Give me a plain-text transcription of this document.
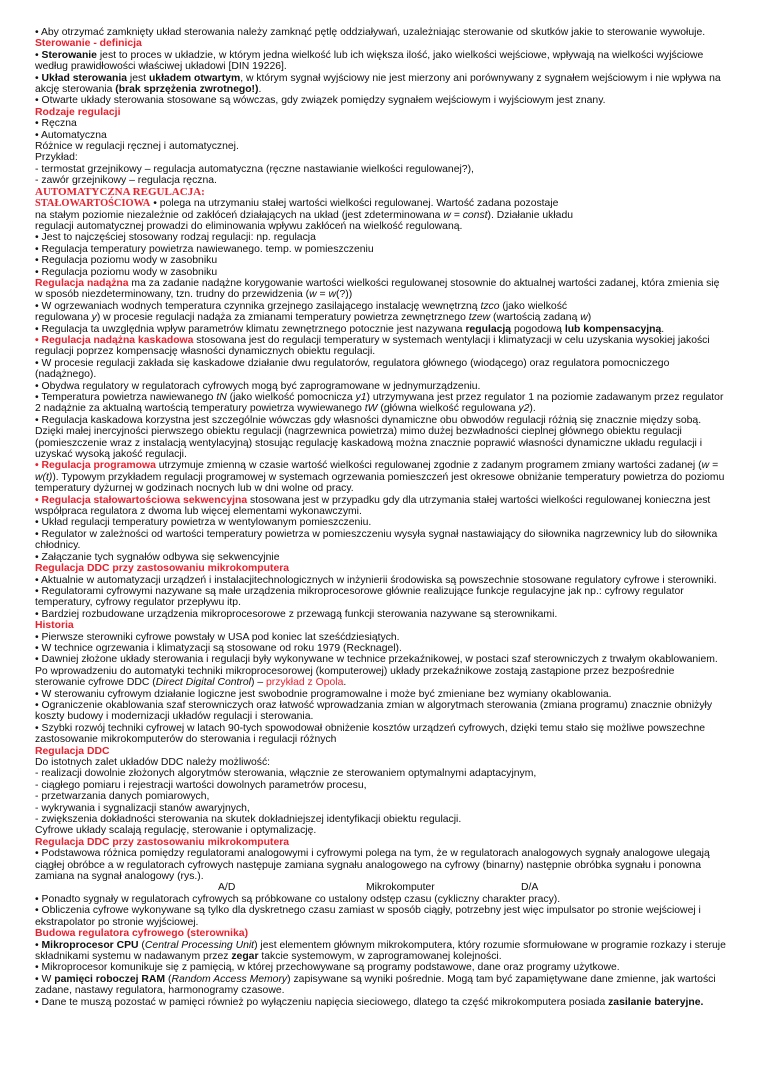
• Aby otrzymać zamknięty układ sterowania należy zamknąć pętlę oddziaływań, uzależniając sterowanie od skutków jakie to sterowanie wywołuje.

Sterowanie - definicja

• Sterowanie jest to proces w układzie, w którym jedna wielkość lub ich większa ilość, jako wielkości wejściowe, wpływają na wielkości wyjściowe według prawidłowości właściwej układowi [DIN 19226].

• Układ sterowania jest układem otwartym, w którym sygnał wyjściowy nie jest mierzony ani porównywany z sygnałem wejściowym i nie wpływa na akcję sterowania (brak sprzężenia zwrotnego!).

• Otwarte układy sterowania stosowane są wówczas, gdy związek pomiędzy sygnałem wejściowym i wyjściowym jest znany.

Rodzaje regulacji

• Ręczna

• Automatyczna

Różnice w regulacji ręcznej i automatycznej.

Przykład:

- termostat grzejnikowy – regulacja automatyczna (ręczne nastawianie wielkości regulowanej?),

- zawór grzejnikowy – regulacja ręczna.

AUTOMATYCZNA REGULACJA:

STAŁOWARTOŚCIOWA • polega na utrzymaniu stałej wartości wielkości regulowanej. Wartość zadana pozostaje

na stałym poziomie niezależnie od zakłóceń działających na układ (jest zdeterminowana w = const). Działanie układu

regulacji automatycznej prowadzi do eliminowania wpływu zakłóceń na wielkość regulowaną.

• Jest to najczęściej stosowany rodzaj regulacji: np. regulacja

• Regulacja temperatury powietrza nawiewanego. temp. w pomieszczeniu

• Regulacja poziomu wody w zasobniku

• Regulacja poziomu wody w zasobniku

Regulacja nadążna ma za zadanie nadążne korygowanie wartości wielkości regulowanej stosownie do aktualnej wartości zadanej, która zmienia się w sposób niezdeterminowany, tzn. trudny do przewidzenia (w = w(?))

• W ogrzewaniach wodnych temperatura czynnika grzejnego zasilającego instalację wewnętrzną tzco (jako wielkość

regulowana y) w procesie regulacji nadąża za zmianami temperatury powietrza zewnętrznego tzew (wartością zadaną w)

• Regulacja ta uwzględnia wpływ parametrów klimatu zewnętrznego potocznie jest nazywana regulacją pogodową lub kompensacyjną.

• Regulacja nadążna kaskadowa stosowana jest do regulacji temperatury w systemach wentylacji i klimatyzacji w celu uzyskania wysokiej jakości regulacji poprzez kompensację własności dynamicznych obiektu regulacji.

• W procesie regulacji zakłada się kaskadowe działanie dwu regulatorów, regulatora głównego (wiodącego) oraz regulatora pomocniczego (nadążnego).

• Obydwa regulatory w regulatorach cyfrowych mogą być zaprogramowane w jednymurządzeniu.

• Temperatura powietrza nawiewanego tN (jako wielkość pomocnicza y1) utrzymywana jest przez regulator 1 na poziomie zadawanym przez regulator 2 nadążnie za aktualną wartością temperatury powietrza wywiewanego tW (główna wielkość regulowana y2).

• Regulacja kaskadowa korzystna jest szczególnie wówczas gdy własności dynamiczne obu obwodów regulacji różnią się znacznie między sobą. Dzięki małej inercyjności pierwszego obiektu regulacji (nagrzewnica powietrza) mimo dużej bezwładności cieplnej głównego obiektu regulacji (pomieszczenie wraz z instalacją wentylacyjną) stosując regulację kaskadową można znacznie poprawić własności dynamiczne układu regulacji i uzyskać wysoką jakość regulacji.

• Regulacja programowa utrzymuje zmienną w czasie wartość wielkości regulowanej zgodnie z zadanym programem zmiany wartości zadanej (w = w(t)). Typowym przykładem regulacji programowej w systemach ogrzewania pomieszczeń jest okresowe obniżanie temperatury powietrza do poziomu temperatury dyżurnej w godzinach nocnych lub w dni wolne od pracy.

• Regulacja stałowartościowa sekwencyjna stosowana jest w przypadku gdy dla utrzymania stałej wartości wielkości regulowanej konieczna jest współpraca regulatora z dwoma lub więcej elementami wykonawczymi.

• Układ regulacji temperatury powietrza w wentylowanym pomieszczeniu.

• Regulator w zależności od wartości temperatury powietrza w pomieszczeniu wysyła sygnał nastawiający do siłownika nagrzewnicy lub do siłownika chłodnicy.

• Załączanie tych sygnałów odbywa się sekwencyjnie

Regulacja DDC przy zastosowaniu mikrokomputera

• Aktualnie w automatyzacji urządzeń i instalacjitechnologicznych w inżynierii środowiska są powszechnie stosowane regulatory cyfrowe i sterowniki.

• Regulatorami cyfrowymi nazywane są małe urządzenia mikroprocesorowe głównie realizujące funkcje regulacyjne jak np.: cyfrowy regulator temperatury, cyfrowy regulator przepływu itp.

• Bardziej rozbudowane urządzenia mikroprocesorowe z przewagą funkcji sterowania nazywane są sterownikami.

Historia

• Pierwsze sterowniki cyfrowe powstały w USA pod koniec lat sześćdziesiątych.

• W technice ogrzewania i klimatyzacji są stosowane od roku 1979 (Recknagel).

• Dawniej złożone układy sterowania i regulacji były wykonywane w technice przekaźnikowej, w postaci szaf sterowniczych z trwałym okablowaniem. Po wprowadzeniu do automatyki techniki mikroprocesorowej (komputerowej) układy przekaźnikowe zostają zastąpione przez bezpośrednie sterowanie cyfrowe DDC (Direct Digital Control) – przykład z Opola.

• W sterowaniu cyfrowym działanie logiczne jest swobodnie programowalne i może być zmieniane bez wymiany okablowania.

• Ograniczenie okablowania szaf sterowniczych oraz łatwość wprowadzania zmian w algorytmach sterowania (zmiana programu) znacznie obniżyły koszty budowy i modernizacji układów regulacji i sterowania.

• Szybki rozwój techniki cyfrowej w latach 90-tych spowodował obniżenie kosztów urządzeń cyfrowych, dzięki temu stało się możliwe powszechne zastosowanie mikrokomputerów do sterowania i regulacji różnych

Regulacja DDC

Do istotnych zalet układów DDC należy możliwość:

- realizacji dowolnie złożonych algorytmów sterowania, włącznie ze sterowaniem optymalnymi adaptacyjnym,

- ciągłego pomiaru i rejestracji wartości dowolnych parametrów procesu,

- przetwarzania danych pomiarowych,

- wykrywania i sygnalizacji stanów awaryjnych,

- zwiększenia dokładności sterowania na skutek dokładniejszej identyfikacji obiektu regulacji.

Cyfrowe układy scalają regulację, sterowanie i optymalizację.

Regulacja DDC przy zastosowaniu mikrokomputera

• Podstawowa różnica pomiędzy regulatorami analogowymi i cyfrowymi polega na tym, że w regulatorach analogowych sygnały analogowe ulegają ciągłej obróbce a w regulatorach cyfrowych następuje zamiana sygnału analogowego na cyfrowy (binarny) następnie obróbka sygnału i ponowna zamiana na sygnał analogowy (rys.).

A/D	Mikrokomputer	D/A

• Ponadto sygnały w regulatorach cyfrowych są próbkowane co ustalony odstęp czasu (cykliczny charakter pracy).

• Obliczenia cyfrowe wykonywane są tylko dla dyskretnego czasu zamiast w sposób ciągły, potrzebny jest więc impulsator po stronie wejściowej i ekstrapolator po stronie wyjściowej.

Budowa regulatora cyfrowego (sterownika)

• Mikroprocesor CPU (Central Processing Unit) jest elementem głównym mikrokomputera, który rozumie sformułowane w programie rozkazy i steruje składnikami systemu w nadawanym przez zegar takcie systemowym, w zaprogramowanej kolejności.

• Mikroprocesor komunikuje się z pamięcią, w której przechowywane są programy podstawowe, dane oraz programy użytkowe.

• W pamięci roboczej RAM (Random Access Memory) zapisywane są wyniki pośrednie. Mogą tam być zapamiętywane dane zmienne, jak wartości zadane, nastawy regulatora, harmonogramy czasowe.

• Dane te muszą pozostać w pamięci również po wyłączeniu napięcia sieciowego, dlatego ta część mikrokomputera posiada zasilanie bateryjne.
